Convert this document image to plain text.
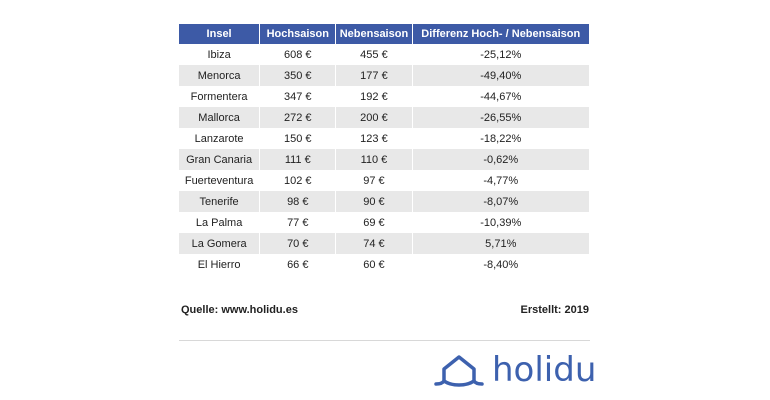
Insel	Hochsaison	Nebensaison	Differenz Hoch- / Nebensaison
Ibiza	608 €	455 €	-25,12%
Menorca	350 €	177 €	-49,40%
Formentera	347 €	192 €	-44,67%
Mallorca	272 €	200 €	-26,55%
Lanzarote	150 €	123 €	-18,22%
Gran Canaria	111 €	110 €	-0,62%
Fuerteventura	102 €	97 €	-4,77%
Tenerife	98 €	90 €	-8,07%
La Palma	77 €	69 €	-10,39%
La Gomera	70 €	74 €	5,71%
El Hierro	66 €	60 €	-8,40%
Quelle: www.holidu.es	Erstellt: 2019
holidu
